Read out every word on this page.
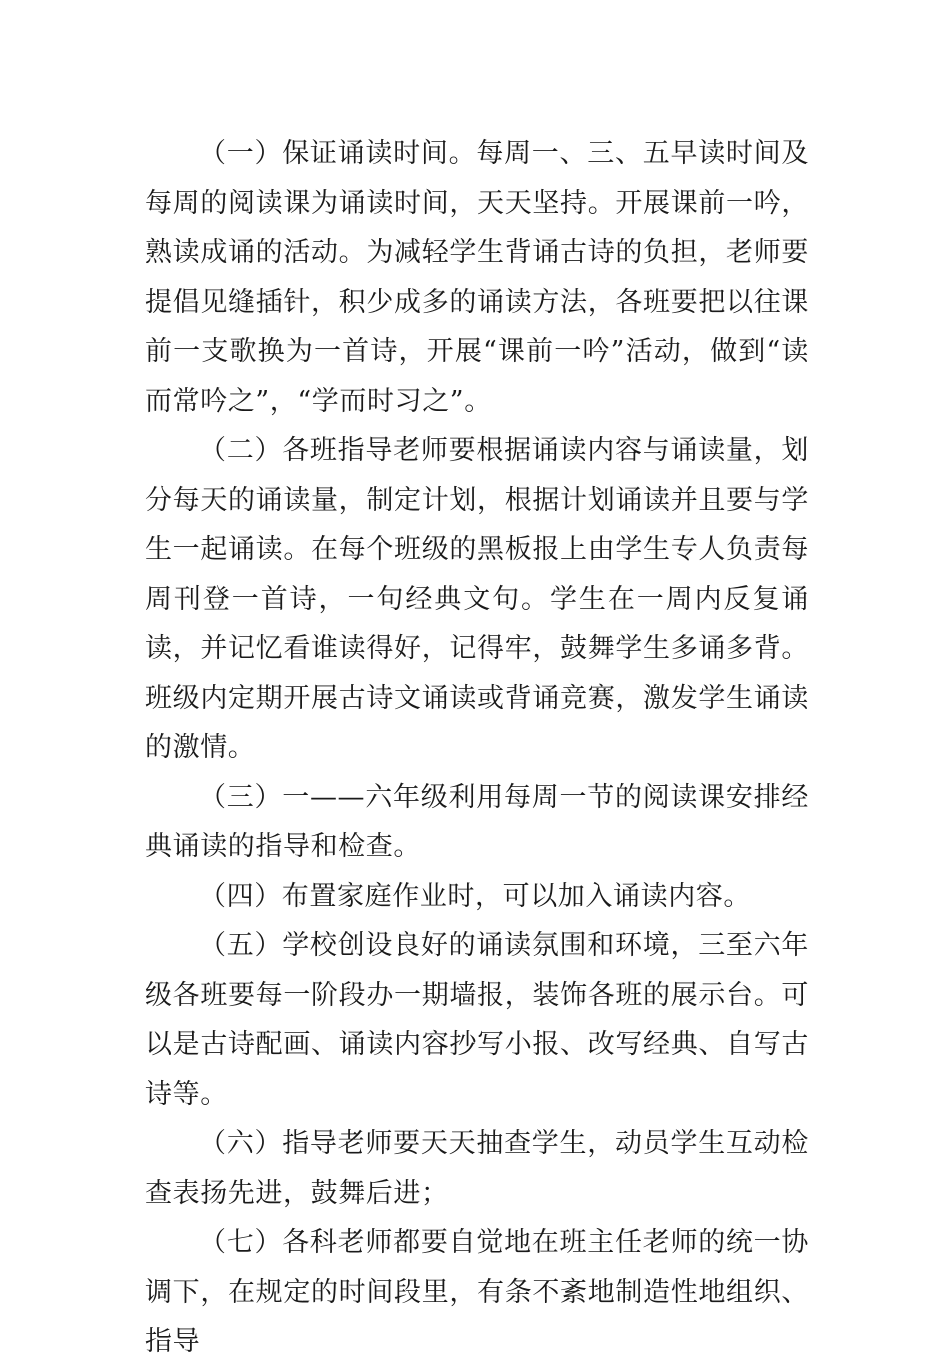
（一）保证诵读时间。每周一、三、五早读时间及每周的阅读课为诵读时间，天天坚持。开展课前一吟，熟读成诵的活动。为减轻学生背诵古诗的负担，老师要提倡见缝插针，积少成多的诵读方法，各班要把以往课前一支歌换为一首诗，开展“课前一吟”活动，做到“读而常吟之”，“学而时习之”。

（二）各班指导老师要根据诵读内容与诵读量，划分每天的诵读量，制定计划，根据计划诵读并且要与学生一起诵读。在每个班级的黑板报上由学生专人负责每周刊登一首诗，一句经典文句。学生在一周内反复诵读，并记忆看谁读得好，记得牢，鼓舞学生多诵多背。班级内定期开展古诗文诵读或背诵竞赛，激发学生诵读的激情。

（三）一——六年级利用每周一节的阅读课安排经典诵读的指导和检查。

（四）布置家庭作业时，可以加入诵读内容。

（五）学校创设良好的诵读氛围和环境，三至六年级各班要每一阶段办一期墙报，装饰各班的展示台。可以是古诗配画、诵读内容抄写小报、改写经典、自写古诗等。

（六）指导老师要天天抽查学生，动员学生互动检查表扬先进，鼓舞后进；

（七）各科老师都要自觉地在班主任老师的统一协调下，在规定的时间段里，有条不紊地制造性地组织、指导
